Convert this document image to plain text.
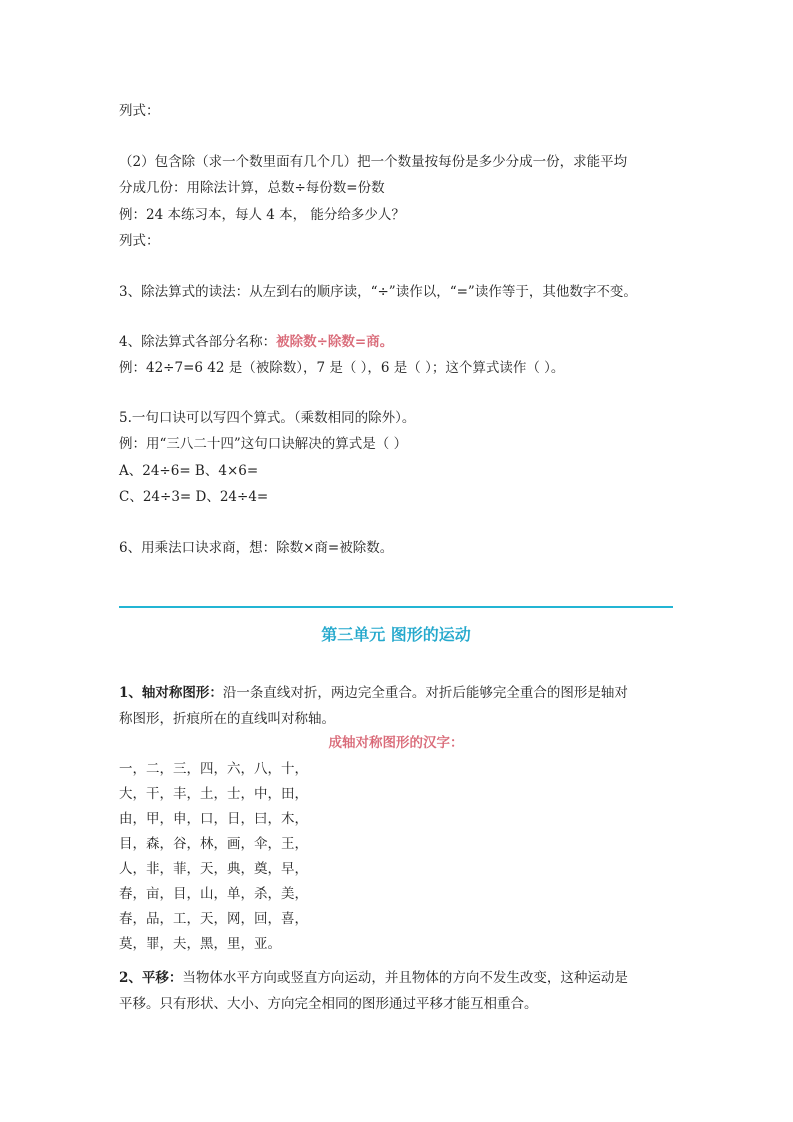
列式：
（2）包含除（求一个数里面有几个几）把一个数量按每份是多少分成一份，求能平均
分成几份：用除法计算，总数÷每份数=份数
例：24 本练习本，每人 4 本， 能分给多少人？
列式：
3、除法算式的读法：从左到右的顺序读，“÷”读作以，“=”读作等于，其他数字不变。
4、除法算式各部分名称：被除数÷除数=商。
例：42÷7=6 42 是（被除数），7 是（ ），6 是（ ）；这个算式读作（ ）。
5.一句口诀可以写四个算式。（乘数相同的除外）。
例：用“三八二十四”这句口诀解决的算式是（ ）
A、24÷6= B、4×6=
C、24÷3= D、24÷4=
6、用乘法口诀求商，想：除数×商=被除数。
第三单元 图形的运动
1、轴对称图形：沿一条直线对折，两边完全重合。对折后能够完全重合的图形是轴对
称图形，折痕所在的直线叫对称轴。
成轴对称图形的汉字：
一，二，三，四，六，八，十，
大，干，丰，土，士，中，田，
由，甲，申，口，日，曰，木，
目，森，谷，林，画，伞，王，
人，非，菲，天，典，奠，早，
春，亩，目，山，单，杀，美，
春，品，工，天，网，回，喜，
莫，罪，夫，黑，里，亚。
2、平移：当物体水平方向或竖直方向运动，并且物体的方向不发生改变，这种运动是
平移。只有形状、大小、方向完全相同的图形通过平移才能互相重合。
